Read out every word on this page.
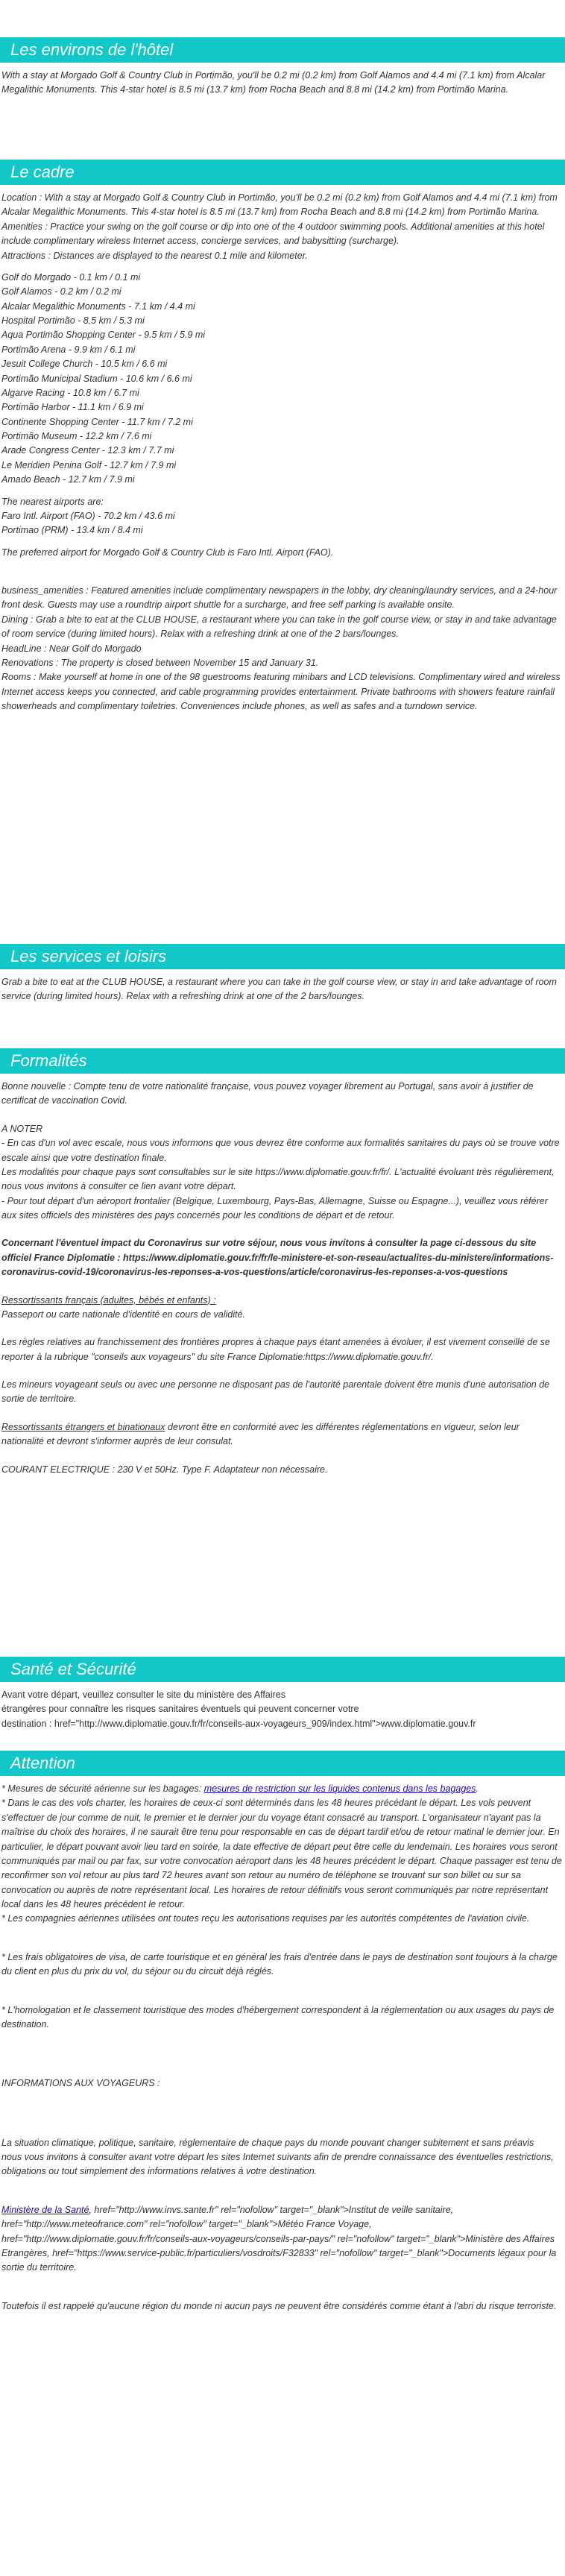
Les environs de l'hôtel

With a stay at Morgado Golf & Country Club in Portimão, you'll be 0.2 mi (0.2 km) from Golf Alamos and 4.4 mi (7.1 km) from Alcalar Megalithic Monuments. This 4-star hotel is 8.5 mi (13.7 km) from Rocha Beach and 8.8 mi (14.2 km) from Portimão Marina.

Le cadre

Location : With a stay at Morgado Golf & Country Club in Portimão, you'll be 0.2 mi (0.2 km) from Golf Alamos and 4.4 mi (7.1 km) from Alcalar Megalithic Monuments. This 4-star hotel is 8.5 mi (13.7 km) from Rocha Beach and 8.8 mi (14.2 km) from Portimão Marina.

Amenities : Practice your swing on the golf course or dip into one of the 4 outdoor swimming pools. Additional amenities at this hotel include complimentary wireless Internet access, concierge services, and babysitting (surcharge).

Attractions : Distances are displayed to the nearest 0.1 mile and kilometer.

Golf do Morgado - 0.1 km / 0.1 mi

Golf Alamos - 0.2 km / 0.2 mi

Alcalar Megalithic Monuments - 7.1 km / 4.4 mi

Hospital Portimão - 8.5 km / 5.3 mi

Aqua Portimão Shopping Center - 9.5 km / 5.9 mi

Portimão Arena - 9.9 km / 6.1 mi

Jesuit College Church - 10.5 km / 6.6 mi

Portimão Municipal Stadium - 10.6 km / 6.6 mi

Algarve Racing - 10.8 km / 6.7 mi

Portimão Harbor - 11.1 km / 6.9 mi

Continente Shopping Center - 11.7 km / 7.2 mi

Portimão Museum - 12.2 km / 7.6 mi

Arade Congress Center - 12.3 km / 7.7 mi

Le Meridien Penina Golf - 12.7 km / 7.9 mi

Amado Beach - 12.7 km / 7.9 mi

The nearest airports are:

Faro Intl. Airport (FAO) - 70.2 km / 43.6 mi

Portimao (PRM) - 13.4 km / 8.4 mi

The preferred airport for Morgado Golf & Country Club is Faro Intl. Airport (FAO).

business_amenities : Featured amenities include complimentary newspapers in the lobby, dry cleaning/laundry services, and a 24-hour front desk. Guests may use a roundtrip airport shuttle for a surcharge, and free self parking is available onsite.

Dining : Grab a bite to eat at the CLUB HOUSE, a restaurant where you can take in the golf course view, or stay in and take advantage of room service (during limited hours). Relax with a refreshing drink at one of the 2 bars/lounges.

HeadLine : Near Golf do Morgado

Renovations : The property is closed between November 15 and January 31.

Rooms : Make yourself at home in one of the 98 guestrooms featuring minibars and LCD televisions. Complimentary wired and wireless Internet access keeps you connected, and cable programming provides entertainment. Private bathrooms with showers feature rainfall showerheads and complimentary toiletries. Conveniences include phones, as well as safes and a turndown service.

Les services et loisirs

Grab a bite to eat at the CLUB HOUSE, a restaurant where you can take in the golf course view, or stay in and take advantage of room service (during limited hours). Relax with a refreshing drink at one of the 2 bars/lounges.

Formalités

Bonne nouvelle : Compte tenu de votre nationalité française, vous pouvez voyager librement au Portugal, sans avoir à justifier de certificat de vaccination Covid.

A NOTER

- En cas d'un vol avec escale, nous vous informons que vous devrez être conforme aux formalités sanitaires du pays où se trouve votre escale ainsi que votre destination finale.

Les modalités pour chaque pays sont consultables sur le site https://www.diplomatie.gouv.fr/fr/. L'actualité évoluant très régulièrement, nous vous invitons à consulter ce lien avant votre départ.

- Pour tout départ d'un aéroport frontalier (Belgique, Luxembourg, Pays-Bas, Allemagne, Suisse ou Espagne...), veuillez vous référer aux sites officiels des ministères des pays concernés pour les conditions de départ et de retour.

Concernant l'éventuel impact du Coronavirus sur votre séjour, nous vous invitons à consulter la page ci-dessous du site officiel France Diplomatie : https://www.diplomatie.gouv.fr/fr/le-ministere-et-son-reseau/actualites-du-ministere/informations-coronavirus-covid-19/coronavirus-les-reponses-a-vos-questions/article/coronavirus-les-reponses-a-vos-questions

Ressortissants français (adultes, bébés et enfants) :

Passeport ou carte nationale d'identité en cours de validité.

Les règles relatives au franchissement des frontières propres à chaque pays étant amenées à évoluer, il est vivement conseillé de se reporter à la rubrique "conseils aux voyageurs" du site France Diplomatie:https://www.diplomatie.gouv.fr/.

Les mineurs voyageant seuls ou avec une personne ne disposant pas de l'autorité parentale doivent être munis d'une autorisation de sortie de territoire.

Ressortissants étrangers et binationaux devront être en conformité avec les différentes réglementations en vigueur, selon leur nationalité et devront s'informer auprès de leur consulat.

COURANT ELECTRIQUE : 230 V et 50Hz. Type F. Adaptateur non nécessaire.

Santé et Sécurité

Avant votre départ, veuillez consulter le site du ministère des Affaires

étrangères pour connaître les risques sanitaires éventuels qui peuvent concerner votre

destination : href="http://www.diplomatie.gouv.fr/fr/conseils-aux-voyageurs_909/index.html">www.diplomatie.gouv.fr

Attention

* Mesures de sécurité aérienne sur les bagages: mesures de restriction sur les liquides contenus dans les bagages.

* Dans le cas des vols charter, les horaires de ceux-ci sont déterminés dans les 48 heures précédant le départ. Les vols peuvent s'effectuer de jour comme de nuit, le premier et le dernier jour du voyage étant consacré au transport. L'organisateur n'ayant pas la maîtrise du choix des horaires, il ne saurait être tenu pour responsable en cas de départ tardif et/ou de retour matinal le dernier jour. En particulier, le départ pouvant avoir lieu tard en soirée, la date effective de départ peut être celle du lendemain. Les horaires vous seront communiqués par mail ou par fax, sur votre convocation aéroport dans les 48 heures précédent le départ. Chaque passager est tenu de reconfirmer son vol retour au plus tard 72 heures avant son retour au numéro de téléphone se trouvant sur son billet ou sur sa convocation ou auprès de notre représentant local. Les horaires de retour définitifs vous seront communiqués par notre représentant local dans les 48 heures précédent le retour.

* Les compagnies aériennes utilisées ont toutes reçu les autorisations requises par les autorités compétentes de l'aviation civile.

* Les frais obligatoires de visa, de carte touristique et en général les frais d'entrée dans le pays de destination sont toujours à la charge du client en plus du prix du vol, du séjour ou du circuit déjà réglés.

* L'homologation et le classement touristique des modes d'hébergement correspondent à la réglementation ou aux usages du pays de destination.

INFORMATIONS AUX VOYAGEURS :

La situation climatique, politique, sanitaire, réglementaire de chaque pays du monde pouvant changer subitement et sans préavis

nous vous invitons à consulter avant votre départ les sites Internet suivants afin de prendre connaissance des éventuelles restrictions, obligations ou tout simplement des informations relatives à votre destination.

Ministère de la Santé, href="http://www.invs.sante.fr" rel="nofollow" target="_blank">Institut de veille sanitaire, href="http://www.meteofrance.com" rel="nofollow" target="_blank">Météo France Voyage, href="http://www.diplomatie.gouv.fr/fr/conseils-aux-voyageurs/conseils-par-pays/" rel="nofollow" target="_blank">Ministère des Affaires Etrangères, href="https://www.service-public.fr/particuliers/vosdroits/F32833" rel="nofollow" target="_blank">Documents légaux pour la sortie du territoire.

Toutefois il est rappelé qu'aucune région du monde ni aucun pays ne peuvent être considérés comme étant à l'abri du risque terroriste.
